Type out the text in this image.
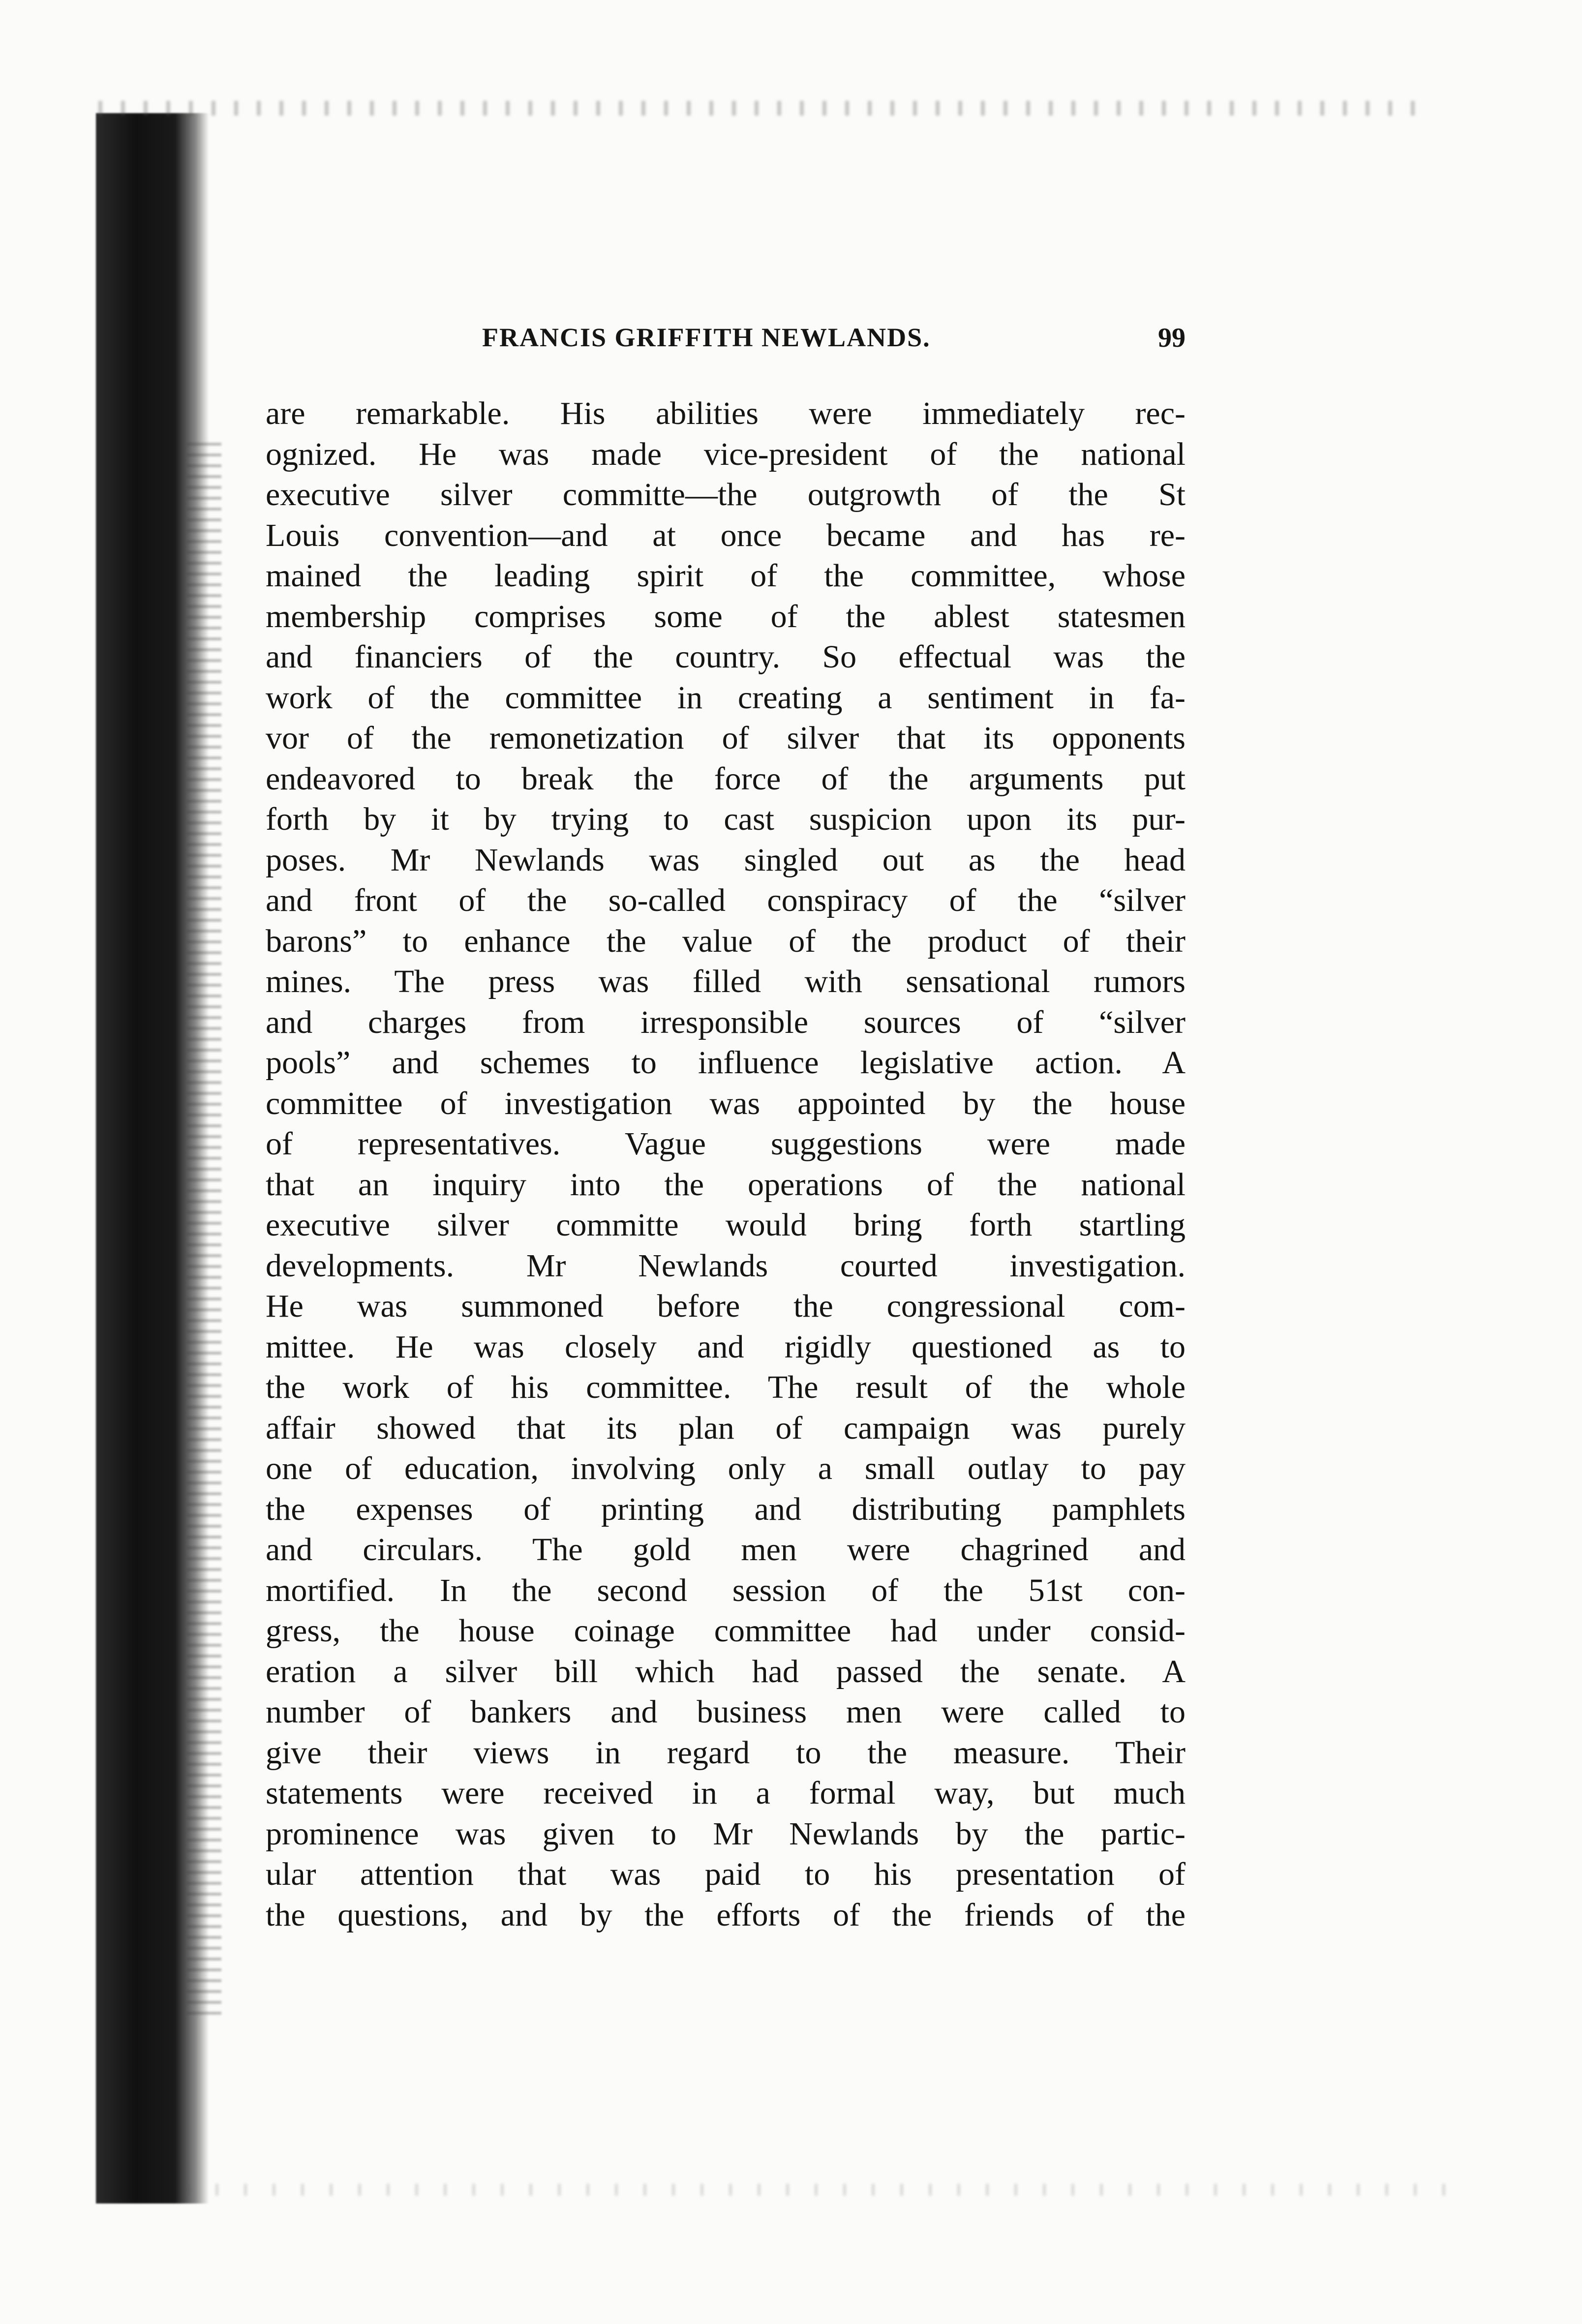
FRANCIS GRIFFITH NEWLANDS.	99
are remarkable. His abilities were immediately rec-
ognized. He was made vice-president of the national
executive silver committe—the outgrowth of the St
Louis convention—and at once became and has re-
mained the leading spirit of the committee, whose
membership comprises some of the ablest statesmen
and financiers of the country. So effectual was the
work of the committee in creating a sentiment in fa-
vor of the remonetization of silver that its opponents
endeavored to break the force of the arguments put
forth by it by trying to cast suspicion upon its pur-
poses. Mr Newlands was singled out as the head
and front of the so-called conspiracy of the “silver
barons” to enhance the value of the product of their
mines. The press was filled with sensational rumors
and charges from irresponsible sources of “silver
pools” and schemes to influence legislative action. A
committee of investigation was appointed by the house
of representatives. Vague suggestions were made
that an inquiry into the operations of the national
executive silver committe would bring forth startling
developments. Mr Newlands courted investigation.
He was summoned before the congressional com-
mittee. He was closely and rigidly questioned as to
the work of his committee. The result of the whole
affair showed that its plan of campaign was purely
one of education, involving only a small outlay to pay
the expenses of printing and distributing pamphlets
and circulars. The gold men were chagrined and
mortified. In the second session of the 51st con-
gress, the house coinage committee had under consid-
eration a silver bill which had passed the senate. A
number of bankers and business men were called to
give their views in regard to the measure. Their
statements were received in a formal way, but much
prominence was given to Mr Newlands by the partic-
ular attention that was paid to his presentation of
the questions, and by the efforts of the friends of the
